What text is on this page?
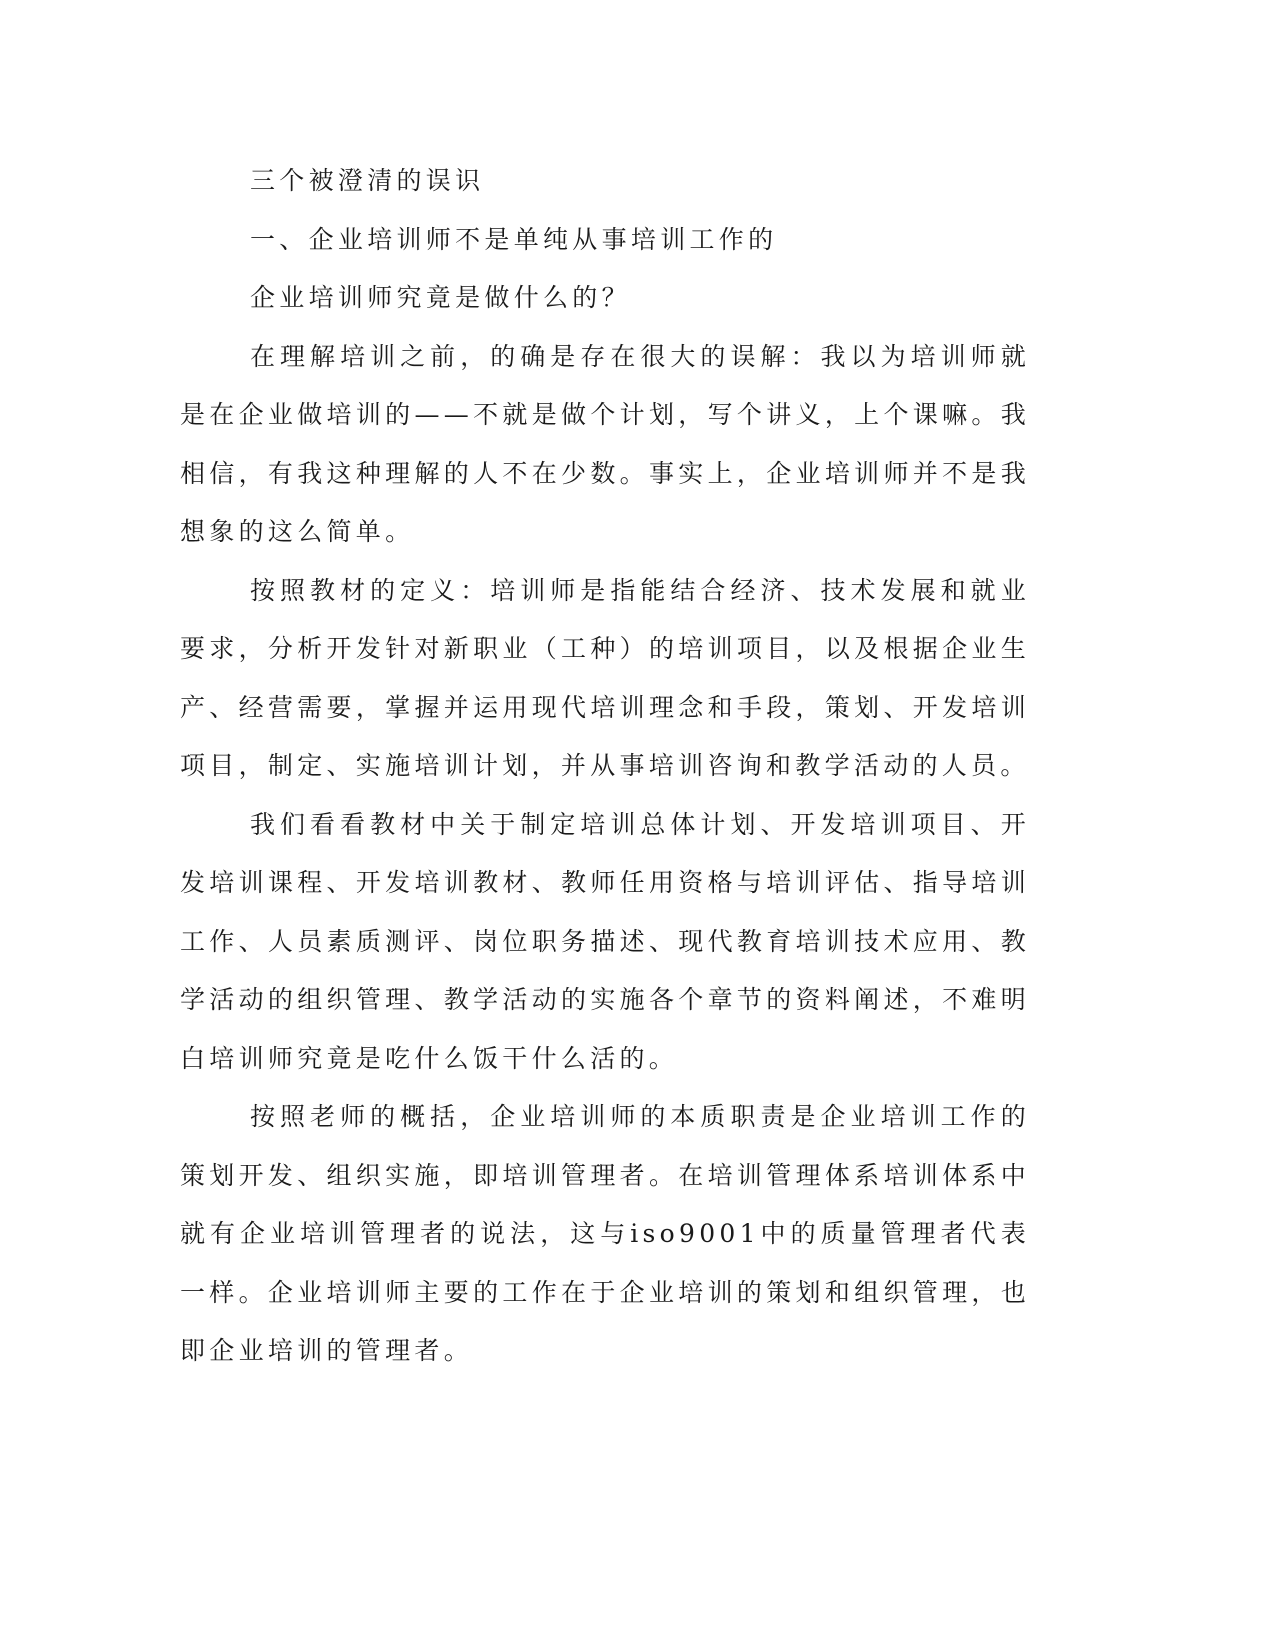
三个被澄清的误识

一、企业培训师不是单纯从事培训工作的

企业培训师究竟是做什么的？

在理解培训之前，的确是存在很大的误解：我以为培训师就是在企业做培训的——不就是做个计划，写个讲义，上个课嘛。我相信，有我这种理解的人不在少数。事实上，企业培训师并不是我想象的这么简单。

按照教材的定义：培训师是指能结合经济、技术发展和就业要求，分析开发针对新职业（工种）的培训项目，以及根据企业生产、经营需要，掌握并运用现代培训理念和手段，策划、开发培训项目，制定、实施培训计划，并从事培训咨询和教学活动的人员。

我们看看教材中关于制定培训总体计划、开发培训项目、开发培训课程、开发培训教材、教师任用资格与培训评估、指导培训工作、人员素质测评、岗位职务描述、现代教育培训技术应用、教学活动的组织管理、教学活动的实施各个章节的资料阐述，不难明白培训师究竟是吃什么饭干什么活的。

按照老师的概括，企业培训师的本质职责是企业培训工作的策划开发、组织实施，即培训管理者。在培训管理体系培训体系中就有企业培训管理者的说法，这与iso9001中的质量管理者代表一样。企业培训师主要的工作在于企业培训的策划和组织管理，也即企业培训的管理者。
